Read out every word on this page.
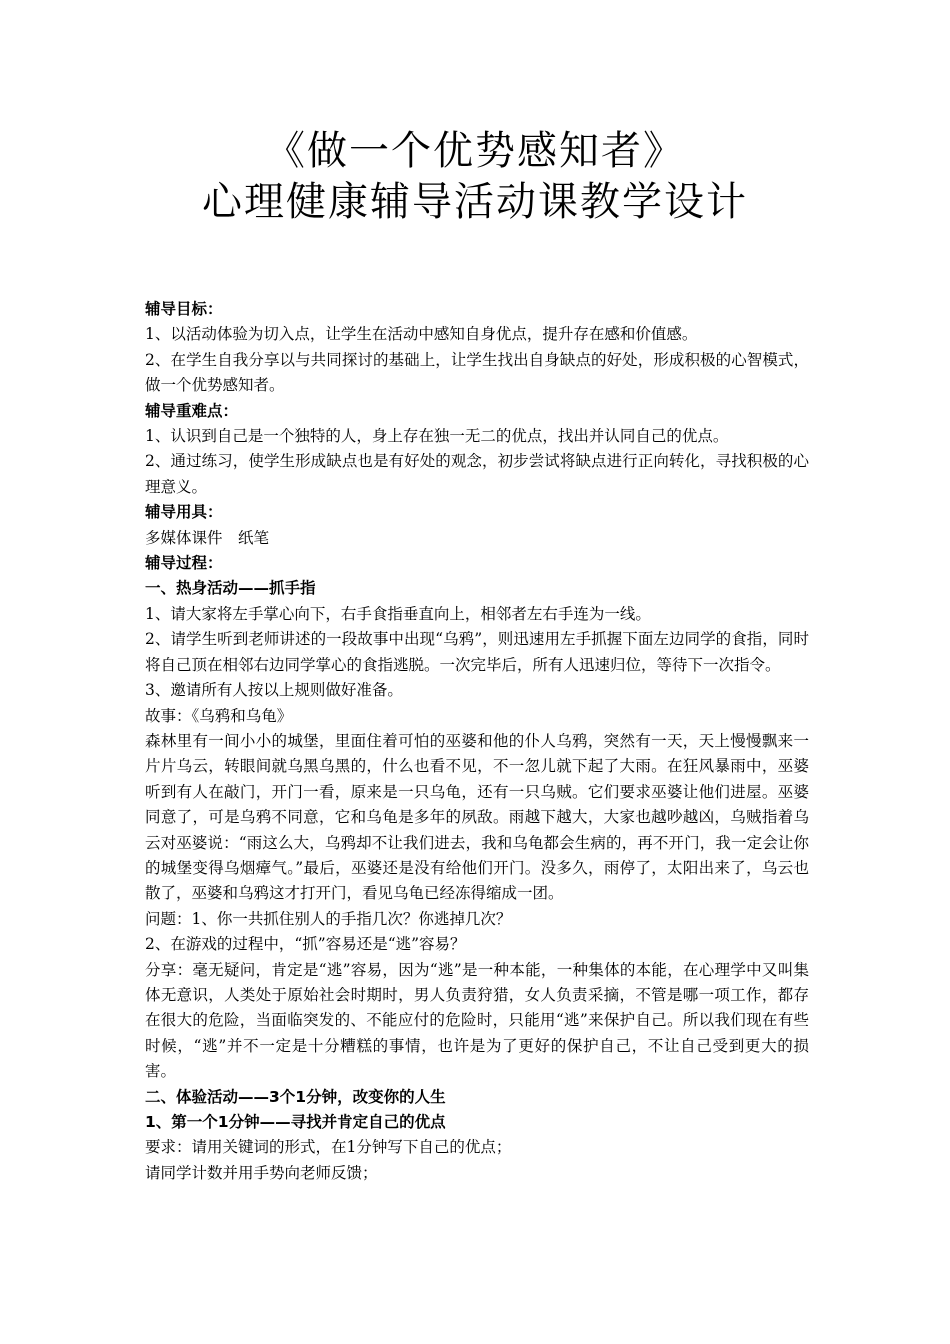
《做一个优势感知者》
心理健康辅导活动课教学设计

辅导目标：

1、以活动体验为切入点，让学生在活动中感知自身优点，提升存在感和价值感。

2、在学生自我分享以与共同探讨的基础上，让学生找出自身缺点的好处，形成积极的心智模式，做一个优势感知者。

辅导重难点：

1、认识到自己是一个独特的人，身上存在独一无二的优点，找出并认同自己的优点。

2、通过练习，使学生形成缺点也是有好处的观念，初步尝试将缺点进行正向转化，寻找积极的心理意义。

辅导用具：

多媒体课件　纸笔

辅导过程：

一、热身活动——抓手指

1、请大家将左手掌心向下，右手食指垂直向上，相邻者左右手连为一线。

2、请学生听到老师讲述的一段故事中出现“乌鸦”，则迅速用左手抓握下面左边同学的食指，同时将自己顶在相邻右边同学掌心的食指逃脱。一次完毕后，所有人迅速归位，等待下一次指令。

3、邀请所有人按以上规则做好准备。

故事：《乌鸦和乌龟》

森林里有一间小小的城堡，里面住着可怕的巫婆和他的仆人乌鸦，突然有一天，天上慢慢飘来一片片乌云，转眼间就乌黑乌黑的，什么也看不见，不一忽儿就下起了大雨。在狂风暴雨中，巫婆听到有人在敲门，开门一看，原来是一只乌龟，还有一只乌贼。它们要求巫婆让他们进屋。巫婆同意了，可是乌鸦不同意，它和乌龟是多年的夙敌。雨越下越大，大家也越吵越凶，乌贼指着乌云对巫婆说：“雨这么大，乌鸦却不让我们进去，我和乌龟都会生病的，再不开门，我一定会让你的城堡变得乌烟瘴气。”最后，巫婆还是没有给他们开门。没多久，雨停了，太阳出来了，乌云也散了，巫婆和乌鸦这才打开门，看见乌龟已经冻得缩成一团。

问题：1、你一共抓住别人的手指几次？你逃掉几次？

2、在游戏的过程中，“抓”容易还是“逃”容易？

分享：毫无疑问，肯定是“逃”容易，因为“逃”是一种本能，一种集体的本能，在心理学中又叫集体无意识，人类处于原始社会时期时，男人负责狩猎，女人负责采摘，不管是哪一项工作，都存在很大的危险，当面临突发的、不能应付的危险时，只能用“逃”来保护自己。所以我们现在有些时候，“逃”并不一定是十分糟糕的事情，也许是为了更好的保护自己，不让自己受到更大的损害。

二、体验活动——3个1分钟，改变你的人生

1、第一个1分钟——寻找并肯定自己的优点

要求：请用关键词的形式，在1分钟写下自己的优点；

请同学计数并用手势向老师反馈；
